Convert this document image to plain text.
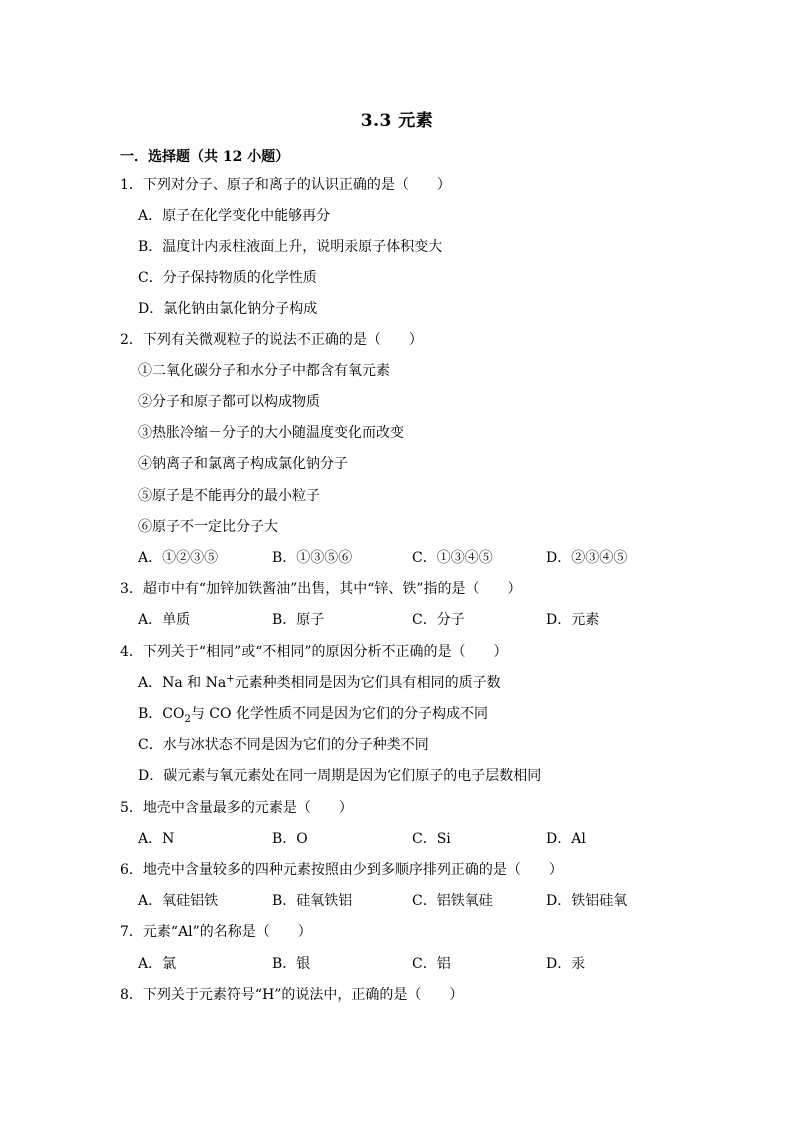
3.3 元素
一．选择题（共 12 小题）
1．下列对分子、原子和离子的认识正确的是（　　）
A．原子在化学变化中能够再分
B．温度计内汞柱液面上升，说明汞原子体积变大
C．分子保持物质的化学性质
D．氯化钠由氯化钠分子构成
2．下列有关微观粒子的说法不正确的是（　　）
①二氧化碳分子和水分子中都含有氧元素
②分子和原子都可以构成物质
③热胀冷缩－分子的大小随温度变化而改变
④钠离子和氯离子构成氯化钠分子
⑤原子是不能再分的最小粒子
⑥原子不一定比分子大
A．①②③⑤	B．①③⑤⑥	C．①③④⑤	D．②③④⑤
3．超市中有“加锌加铁酱油”出售，其中“锌、铁”指的是（　　）
A．单质	B．原子	C．分子	D．元素
4．下列关于“相同”或“不相同”的原因分析不正确的是（　　）
A．Na 和 Na+元素种类相同是因为它们具有相同的质子数
B．$CO_2$与 CO 化学性质不同是因为它们的分子构成不同
C．水与冰状态不同是因为它们的分子种类不同
D．碳元素与氧元素处在同一周期是因为它们原子的电子层数相同
5．地壳中含量最多的元素是（　　）
A．N	B．O	C．Si	D．Al
6．地壳中含量较多的四种元素按照由少到多顺序排列正确的是（　　）
A．氧硅铝铁	B．硅氧铁铝	C．铝铁氧硅	D．铁铝硅氧
7．元素“Al”的名称是（　　）
A．氯	B．银	C．铝	D．汞
8．下列关于元素符号“H”的说法中，正确的是（　　）
